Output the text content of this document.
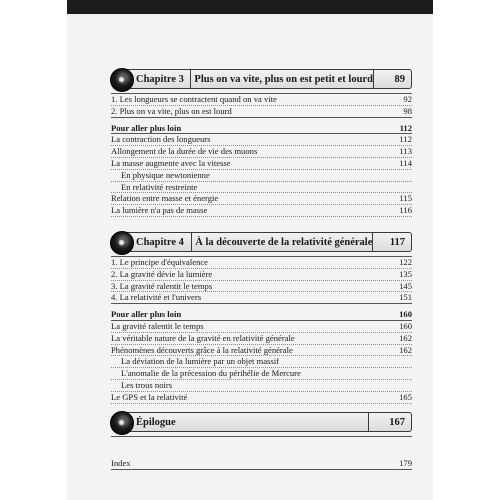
Chapitre 3 Plus on va vite, plus on est petit et lourd	89
1. Les longueurs se contractent quand on va vite	92
2. Plus on va vite, plus on est lourd	98
Pour aller plus loin	112
La contraction des longueurs	112
Allongement de la durée de vie des muons	113
La masse augmente avec la vitesse	114
En physique newtonienne
En relativité restreinte
Relation entre masse et énergie	115
La lumière n'a pas de masse	116
Chapitre 4	À la découverte de la relativité générale	117
1. Le principe d'équivalence	122
2. La gravité dévie la lumière	135
3. La gravité ralentit le temps	145
4. La relativité et l'univers	151
Pour aller plus loin	160
La gravité ralentit le temps	160
La véritable nature de la gravité en relativité générale	162
Phénomènes découverts grâce à la relativité générale	162
La déviation de la lumière par un objet massif
L'anomalie de la précession du périhélie de Mercure
Les trous noirs
Le GPS et la relativité	165
Épilogue	167
Index	179
